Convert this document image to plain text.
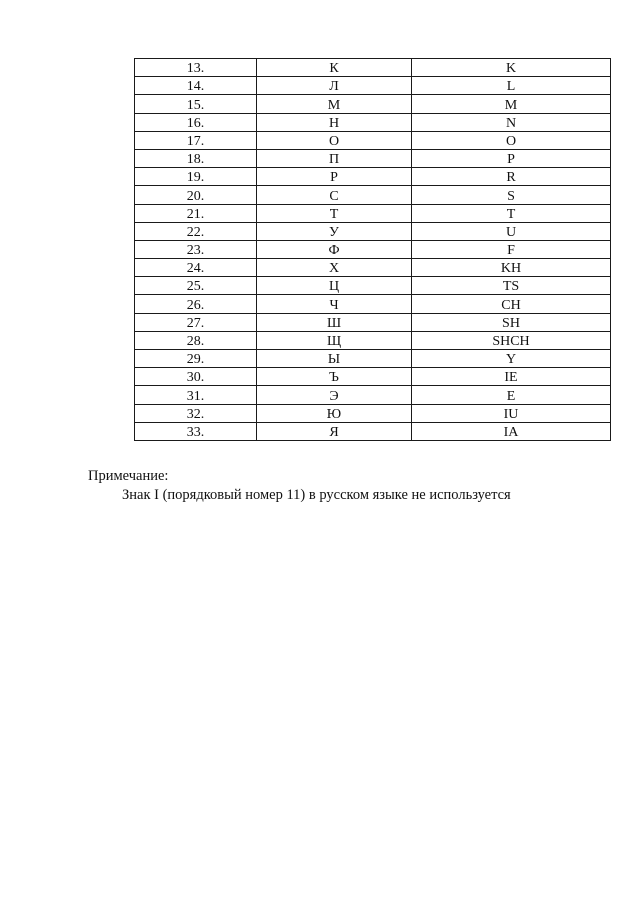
13.	К	K
14.	Л	L
15.	М	M
16.	Н	N
17.	О	O
18.	П	P
19.	Р	R
20.	С	S
21.	Т	T
22.	У	U
23.	Ф	F
24.	Х	KH
25.	Ц	TS
26.	Ч	CH
27.	Ш	SH
28.	Щ	SHCH
29.	Ы	Y
30.	Ъ	IE
31.	Э	E
32.	Ю	IU
33.	Я	IA
Примечание:
Знак I (порядковый номер 11) в русском языке не используется
